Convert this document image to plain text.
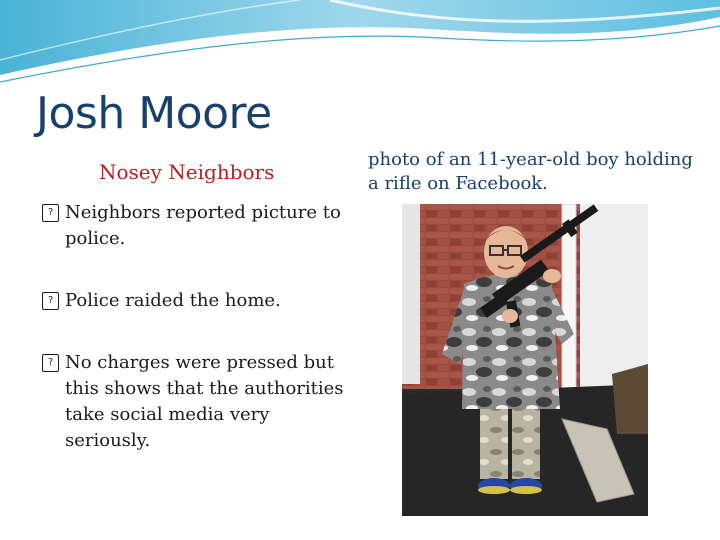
Josh Moore
Nosey Neighbors
? Neighbors reported picture to police.
? Police raided the home.
? No charges were pressed but this shows that the authorities take social media very seriously.
photo of an 11-year-old boy holding a rifle on Facebook.
